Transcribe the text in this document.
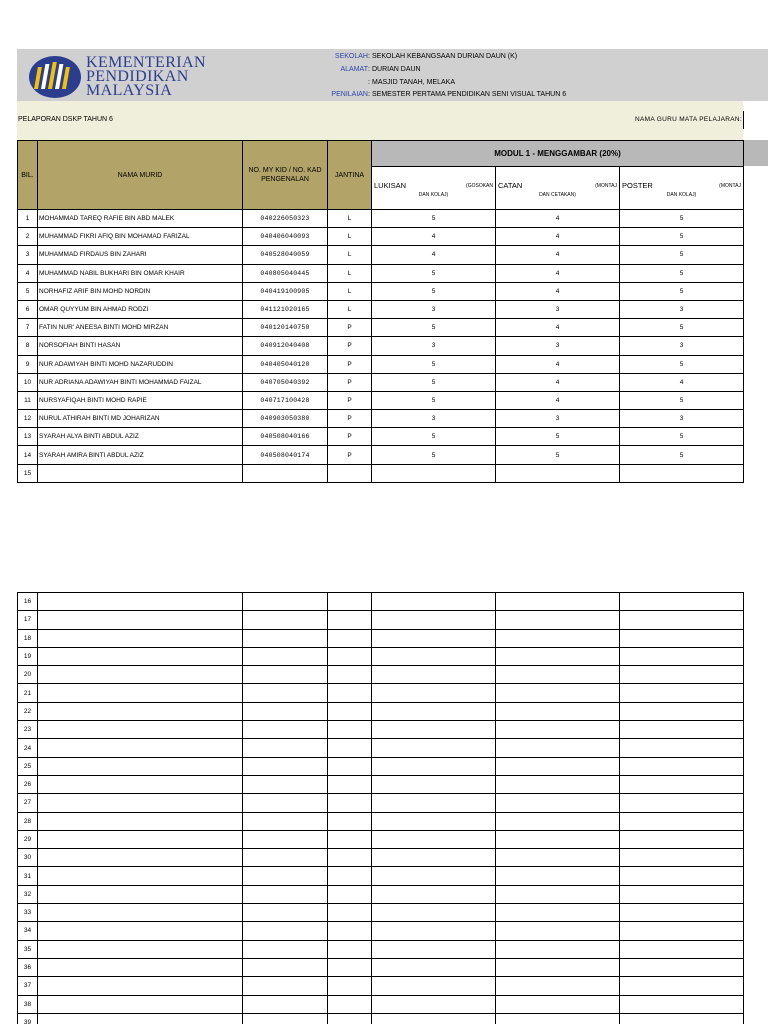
KEMENTERIAN
PENDIDIKAN
MALAYSIA
SEKOLAH : SEKOLAH KEBANGSAAN DURIAN DAUN (K)
ALAMAT : DURIAN DAUN
: MASJID TANAH, MELAKA
PENILAIAN : SEMESTER PERTAMA PENDIDIKAN SENI VISUAL TAHUN 6
PELAPORAN DSKP TAHUN 6	NAMA GURU MATA PELAJARAN:
BIL.	NAMA MURID	NO. MY KID / NO. KAD PENGENALAN	JANTINA	MODUL 1 - MENGGAMBAR (20%)		

				LUKISAN (GOSOKAN
DAN KOLAJ)	CATAN (MONTAJ
DAN CETAKAN)	POSTER (MONTAJ
DAN KOLAJ)

1	MOHAMMAD TAREQ RAFIE BIN ABD MALEK	040226050323	L	5	4	5
2	MUHAMMAD FIKRI AFIQ BIN MOHAMAD FARIZAL	040406040093	L	4	4	5
3	MUHAMMAD FIRDAUS BIN ZAHARI	040528040059	L	4	4	5
4	MUHAMMAD NABIL BUKHARI BIN OMAR KHAIR	040805040445	L	5	4	5
5	NORHAFIZ ARIF BIN MOHD NORDIN	040419100905	L	5	4	5
6	OMAR QUYYUM BIN AHMAD RODZI	041121020165	L	3	3	3
7	FATIN NUR' ANEESA BINTI MOHD MIRZAN	040120140750	P	5	4	5
8	NORSOFIAH BINTI HASAN	040912040408	P	3	3	3
9	NUR ADAWIYAH BINTI MOHD NAZARUDDIN	040405040120	P	5	4	5
10	NUR ADRIANA ADAWIYAH BINTI MOHAMMAD FAIZAL	040705040392	P	5	4	4
11	NURSYAFIQAH BINTI MOHD RAPIE	040717100428	P	5	4	5
12	NURUL ATHIRAH BINTI MD JOHARIZAN	040903050380	P	3	3	3
13	SYARAH ALYA BINTI ABDUL AZIZ	040508040166	P	5	5	5
14	SYARAH AMIRA BINTI ABDUL AZIZ	040508040174	P	5	5	5
15						
16						
17						
18						
19						
20						
21						
22						
23						
24						
25						
26						
27						
28						
29						
30						
31						
32						
33						
34						
35						
36						
37						
38						
39						
